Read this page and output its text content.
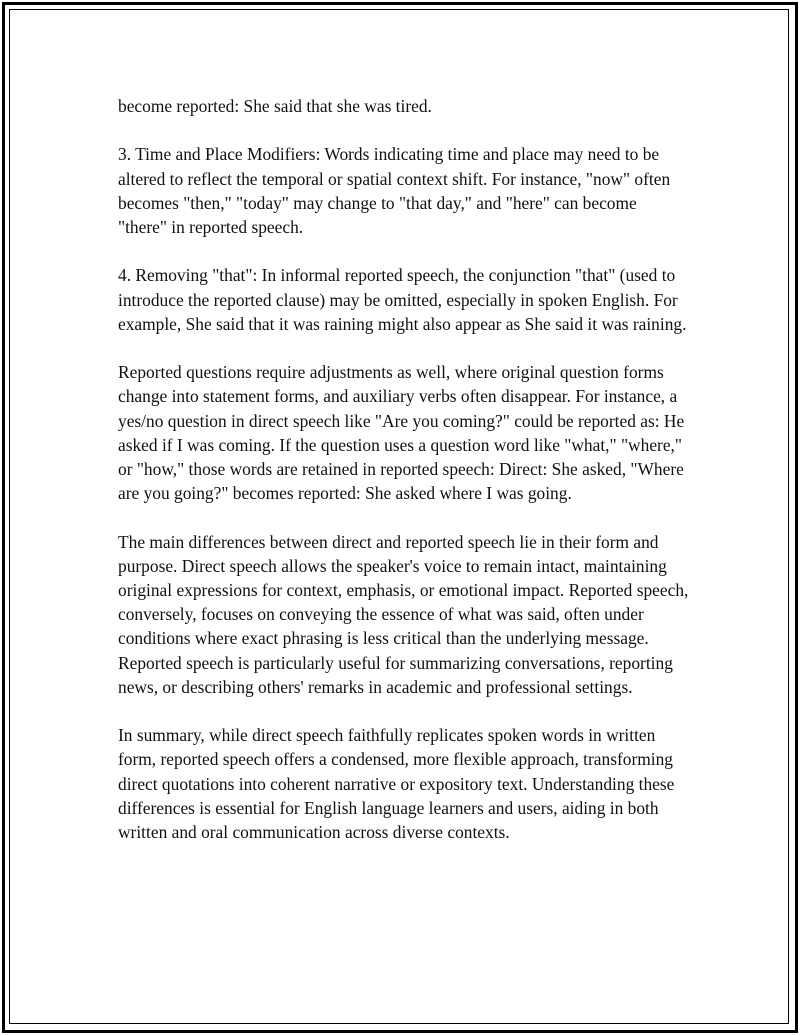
become reported: She said that she was tired.

3. Time and Place Modifiers: Words indicating time and place may need to be altered to reflect the temporal or spatial context shift. For instance, "now" often becomes "then," "today" may change to "that day," and "here" can become "there" in reported speech.

4. Removing "that": In informal reported speech, the conjunction "that" (used to introduce the reported clause) may be omitted, especially in spoken English. For example, She said that it was raining might also appear as She said it was raining.

Reported questions require adjustments as well, where original question forms change into statement forms, and auxiliary verbs often disappear. For instance, a yes/no question in direct speech like "Are you coming?" could be reported as: He asked if I was coming. If the question uses a question word like "what," "where," or "how," those words are retained in reported speech: Direct: She asked, "Where are you going?" becomes reported: She asked where I was going.

The main differences between direct and reported speech lie in their form and purpose. Direct speech allows the speaker's voice to remain intact, maintaining original expressions for context, emphasis, or emotional impact. Reported speech, conversely, focuses on conveying the essence of what was said, often under conditions where exact phrasing is less critical than the underlying message. Reported speech is particularly useful for summarizing conversations, reporting news, or describing others' remarks in academic and professional settings.

In summary, while direct speech faithfully replicates spoken words in written form, reported speech offers a condensed, more flexible approach, transforming direct quotations into coherent narrative or expository text. Understanding these differences is essential for English language learners and users, aiding in both written and oral communication across diverse contexts.
